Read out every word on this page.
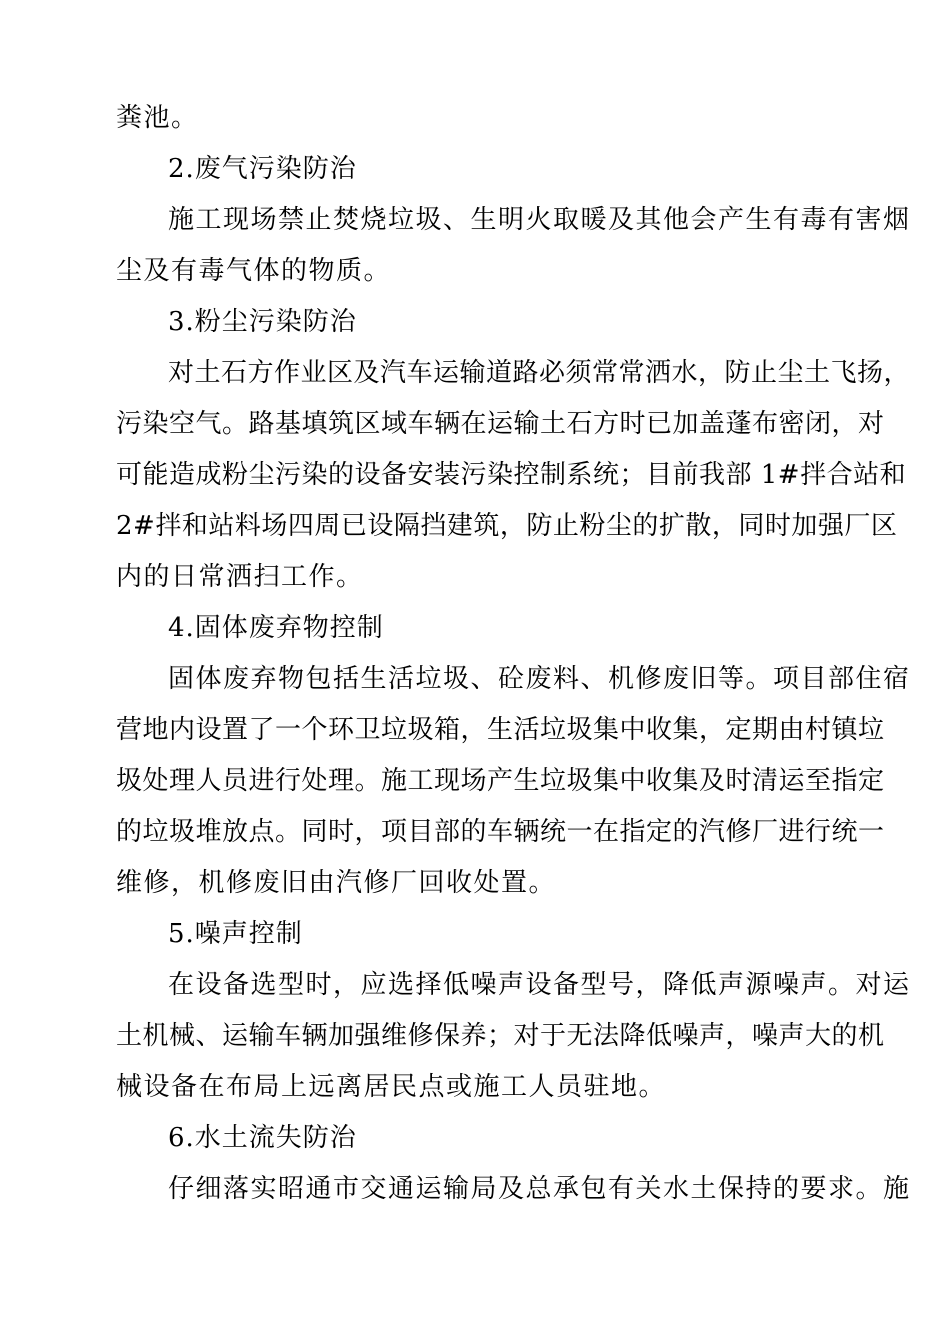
粪池。
2.废气污染防治
施工现场禁止焚烧垃圾、生明火取暖及其他会产生有毒有害烟
尘及有毒气体的物质。
3.粉尘污染防治
对土石方作业区及汽车运输道路必须常常洒水，防止尘土飞扬，
污染空气。路基填筑区域车辆在运输土石方时已加盖蓬布密闭，对
可能造成粉尘污染的设备安装污染控制系统；目前我部 1#拌合站和
2#拌和站料场四周已设隔挡建筑，防止粉尘的扩散，同时加强厂区
内的日常洒扫工作。
4.固体废弃物控制
固体废弃物包括生活垃圾、砼废料、机修废旧等。项目部住宿
营地内设置了一个环卫垃圾箱，生活垃圾集中收集，定期由村镇垃
圾处理人员进行处理。施工现场产生垃圾集中收集及时清运至指定
的垃圾堆放点。同时，项目部的车辆统一在指定的汽修厂进行统一
维修，机修废旧由汽修厂回收处置。
5.噪声控制
在设备选型时，应选择低噪声设备型号，降低声源噪声。对运
土机械、运输车辆加强维修保养；对于无法降低噪声，噪声大的机
械设备在布局上远离居民点或施工人员驻地。
6.水土流失防治
仔细落实昭通市交通运输局及总承包有关水土保持的要求。施
